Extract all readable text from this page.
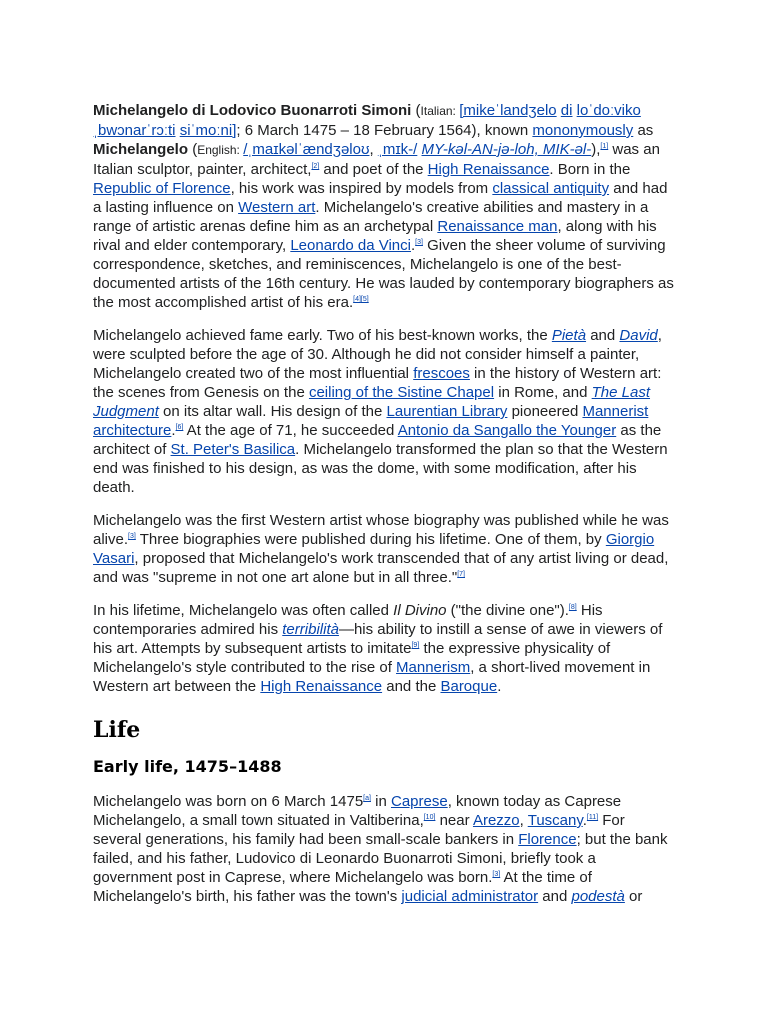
Michelangelo di Lodovico Buonarroti Simoni (Italian: [mikeˈlandʒelo di loˈdoːviko ˌbwɔnarˈrɔːti siˈmoːni]; 6 March 1475 – 18 February 1564), known mononymously as Michelangelo (English: /ˌmaɪkəlˈændʒəloʊ, ˌmɪk-/ MY-kəl-AN-jə-loh, MIK-əl-),[1] was an Italian sculptor, painter, architect,[2] and poet of the High Renaissance. Born in the Republic of Florence, his work was inspired by models from classical antiquity and had a lasting influence on Western art. Michelangelo's creative abilities and mastery in a range of artistic arenas define him as an archetypal Renaissance man, along with his rival and elder contemporary, Leonardo da Vinci.[3] Given the sheer volume of surviving correspondence, sketches, and reminiscences, Michelangelo is one of the best-documented artists of the 16th century. He was lauded by contemporary biographers as the most accomplished artist of his era.[4][5]

Michelangelo achieved fame early. Two of his best-known works, the Pietà and David, were sculpted before the age of 30. Although he did not consider himself a painter, Michelangelo created two of the most influential frescoes in the history of Western art: the scenes from Genesis on the ceiling of the Sistine Chapel in Rome, and The Last Judgment on its altar wall. His design of the Laurentian Library pioneered Mannerist architecture.[6] At the age of 71, he succeeded Antonio da Sangallo the Younger as the architect of St. Peter's Basilica. Michelangelo transformed the plan so that the Western end was finished to his design, as was the dome, with some modification, after his death.

Michelangelo was the first Western artist whose biography was published while he was alive.[3] Three biographies were published during his lifetime. One of them, by Giorgio Vasari, proposed that Michelangelo's work transcended that of any artist living or dead, and was "supreme in not one art alone but in all three."[7]

In his lifetime, Michelangelo was often called Il Divino ("the divine one").[8] His contemporaries admired his terribilità—his ability to instill a sense of awe in viewers of his art. Attempts by subsequent artists to imitate[9] the expressive physicality of Michelangelo's style contributed to the rise of Mannerism, a short-lived movement in Western art between the High Renaissance and the Baroque.

Life
Early life, 1475–1488

Michelangelo was born on 6 March 1475[a] in Caprese, known today as Caprese Michelangelo, a small town situated in Valtiberina,[10] near Arezzo, Tuscany.[11] For several generations, his family had been small-scale bankers in Florence; but the bank failed, and his father, Ludovico di Leonardo Buonarroti Simoni, briefly took a government post in Caprese, where Michelangelo was born.[3] At the time of Michelangelo's birth, his father was the town's judicial administrator and podestà or
